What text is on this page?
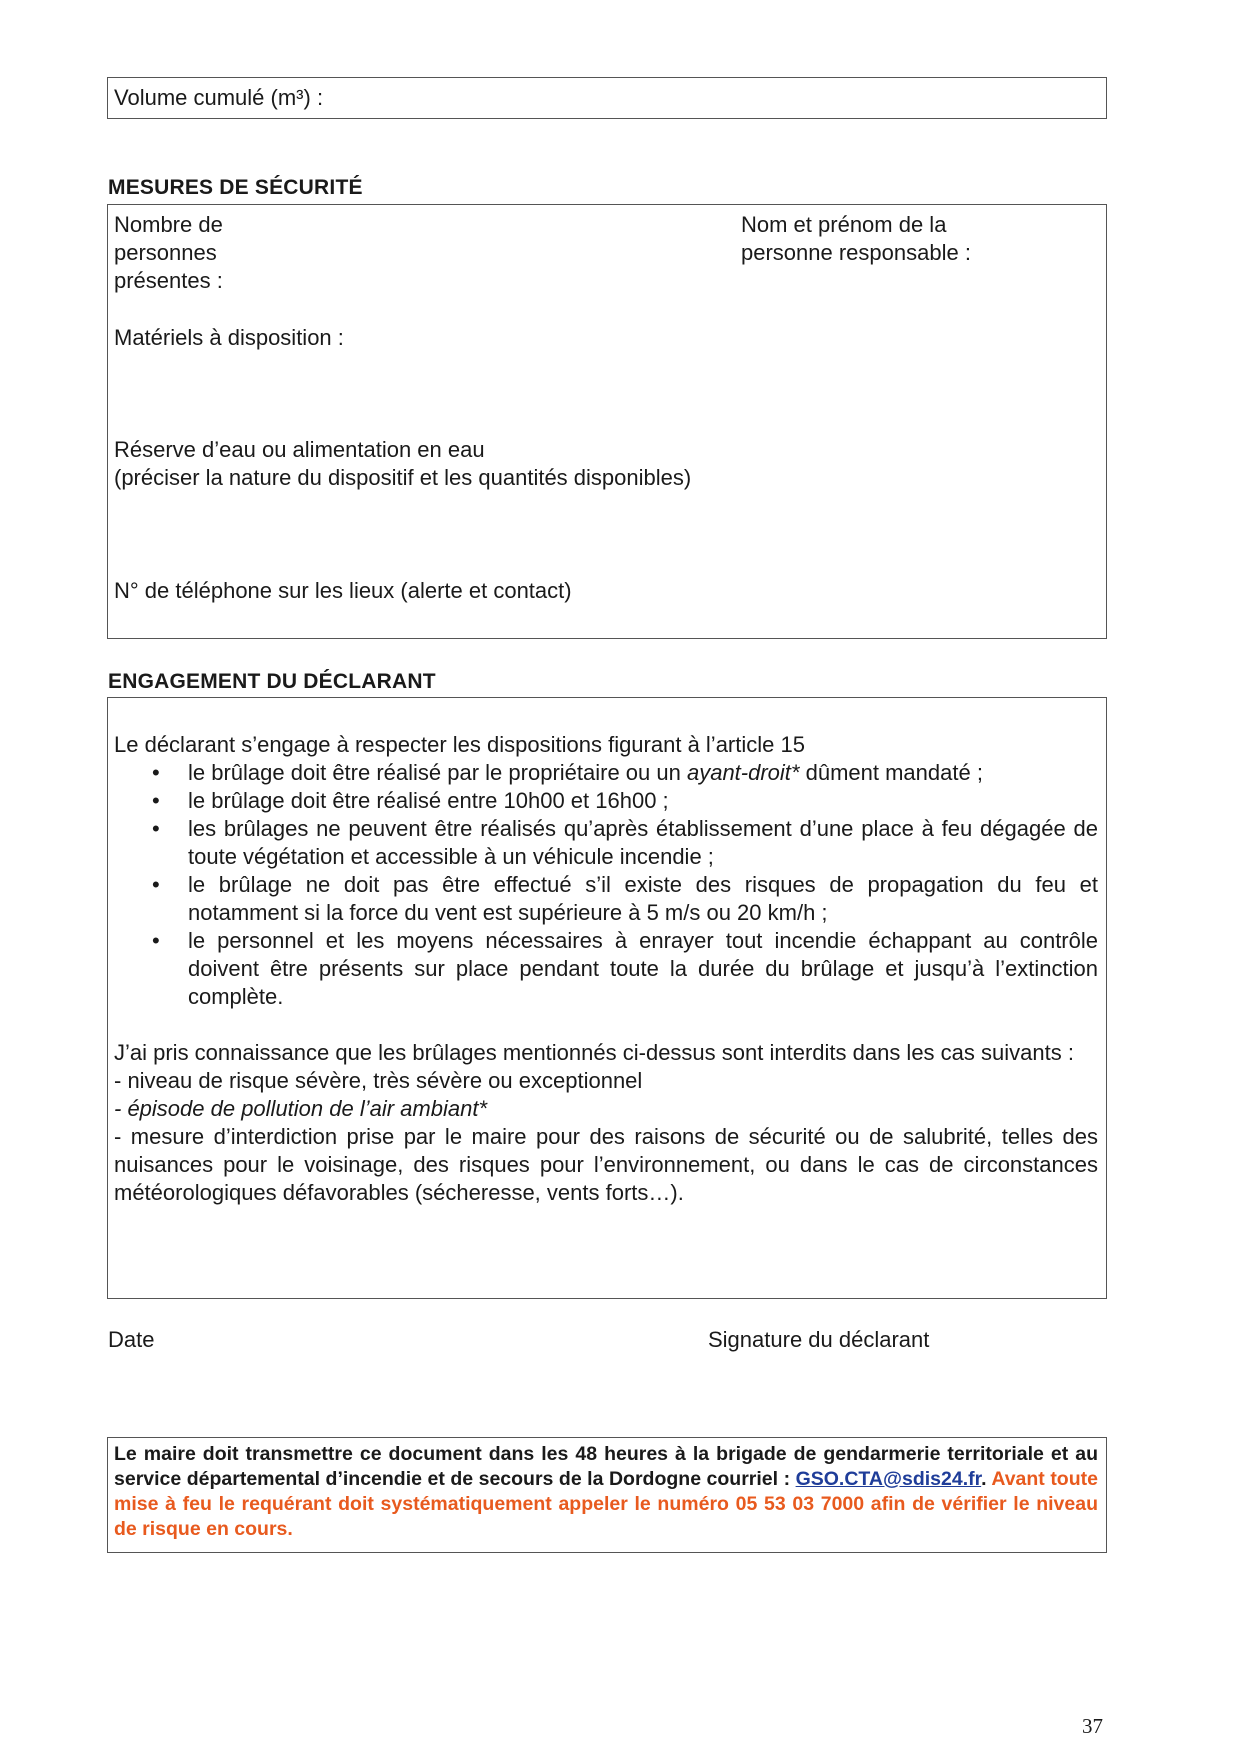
Volume cumulé (m³) :
MESURES DE SÉCURITÉ
Nombre de
personnes
présentes :
Nom et prénom de la
personne responsable :
Matériels à disposition :
Réserve d’eau ou alimentation en eau
(préciser la nature du dispositif et les quantités disponibles)
N° de téléphone sur les lieux (alerte et contact)
ENGAGEMENT DU DÉCLARANT
Le déclarant s’engage à respecter les dispositions figurant à l’article 15
• le brûlage doit être réalisé par le propriétaire ou un ayant-droit* dûment mandaté ;
• le brûlage doit être réalisé entre 10h00 et 16h00 ;
• les brûlages ne peuvent être réalisés qu’après établissement d’une place à feu dégagée de toute végétation et accessible à un véhicule incendie ;
• le brûlage ne doit pas être effectué s’il existe des risques de propagation du feu et notamment si la force du vent est supérieure à 5 m/s ou 20 km/h ;
• le personnel et les moyens nécessaires à enrayer tout incendie échappant au contrôle doivent être présents sur place pendant toute la durée du brûlage et jusqu’à l’extinction complète.
J’ai pris connaissance que les brûlages mentionnés ci-dessus sont interdits dans les cas suivants :
- niveau de risque sévère, très sévère ou exceptionnel
- épisode de pollution de l’air ambiant*
- mesure d’interdiction prise par le maire pour des raisons de sécurité ou de salubrité, telles des nuisances pour le voisinage, des risques pour l’environnement, ou dans le cas de circonstances météorologiques défavorables (sécheresse, vents forts…).
Date	Signature du déclarant
Le maire doit transmettre ce document dans les 48 heures à la brigade de gendarmerie territoriale et au service départemental d’incendie et de secours de la Dordogne courriel : GSO.CTA@sdis24.fr. Avant toute mise à feu le requérant doit systématiquement appeler le numéro 05 53 03 7000 afin de vérifier le niveau de risque en cours.
37
